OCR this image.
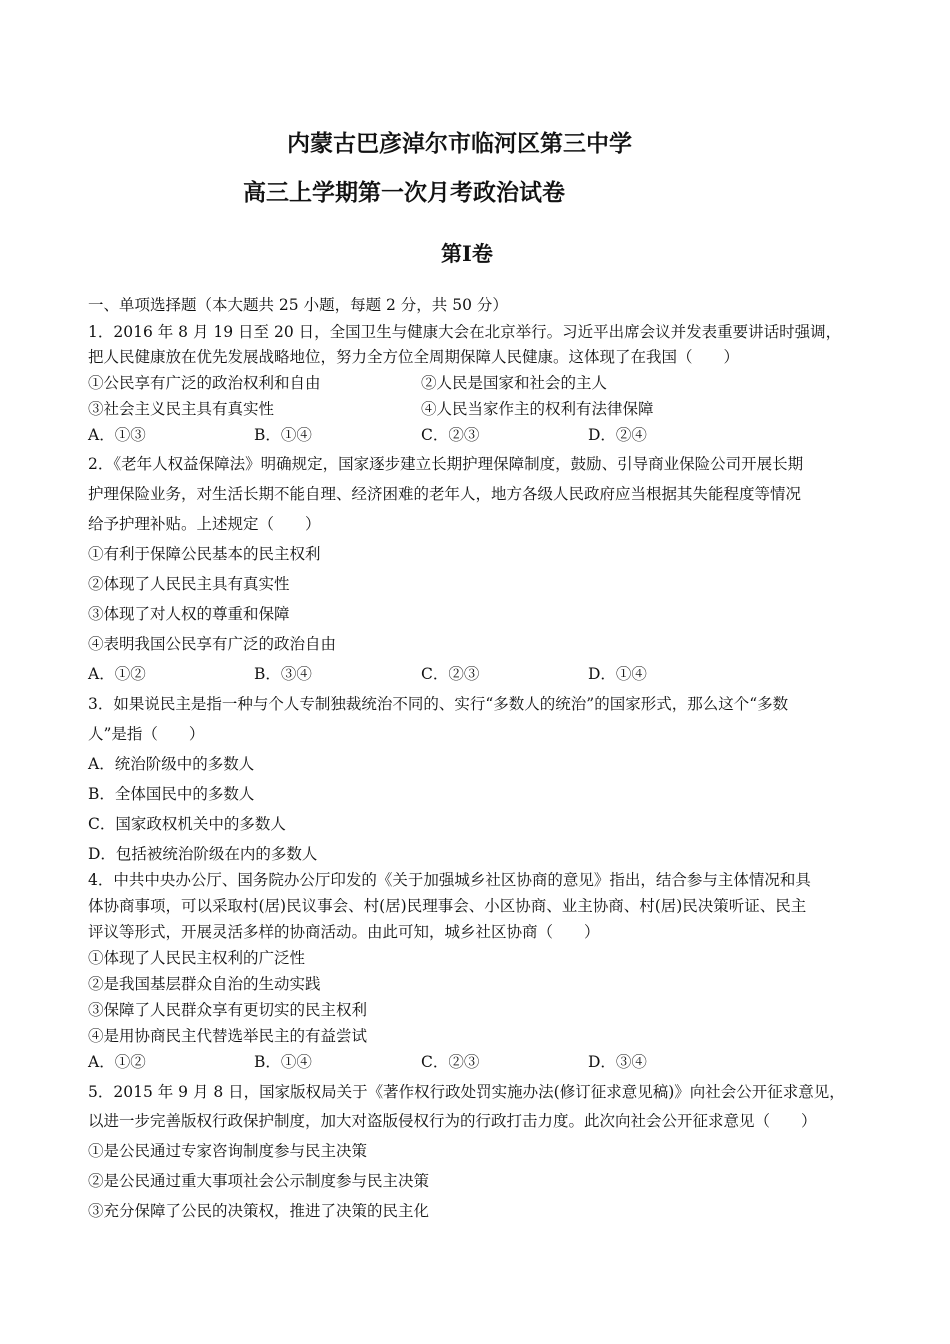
内蒙古巴彦淖尔市临河区第三中学
高三上学期第一次月考政治试卷
第Ⅰ卷
一、单项选择题（本大题共 25 小题，每题 2 分，共 50 分）
1．2016 年 8 月 19 日至 20 日，全国卫生与健康大会在北京举行。习近平出席会议并发表重要讲话时强调，
把人民健康放在优先发展战略地位，努力全方位全周期保障人民健康。这体现了在我国（　　）
①公民享有广泛的政治权利和自由	②人民是国家和社会的主人
③社会主义民主具有真实性	④人民当家作主的权利有法律保障
A．①③	B．①④	C．②③	D．②④
2．《老年人权益保障法》明确规定，国家逐步建立长期护理保障制度，鼓励、引导商业保险公司开展长期
护理保险业务，对生活长期不能自理、经济困难的老年人，地方各级人民政府应当根据其失能程度等情况
给予护理补贴。上述规定（　　）
①有利于保障公民基本的民主权利
②体现了人民民主具有真实性
③体现了对人权的尊重和保障
④表明我国公民享有广泛的政治自由
A．①②	B．③④	C．②③	D．①④
3．如果说民主是指一种与个人专制独裁统治不同的、实行“多数人的统治”的国家形式，那么这个“多数
人”是指（　　）
A．统治阶级中的多数人
B．全体国民中的多数人
C．国家政权机关中的多数人
D．包括被统治阶级在内的多数人
4．中共中央办公厅、国务院办公厅印发的《关于加强城乡社区协商的意见》指出，结合参与主体情况和具
体协商事项，可以采取村(居)民议事会、村(居)民理事会、小区协商、业主协商、村(居)民决策听证、民主
评议等形式，开展灵活多样的协商活动。由此可知，城乡社区协商（　　）
①体现了人民民主权利的广泛性
②是我国基层群众自治的生动实践
③保障了人民群众享有更切实的民主权利
④是用协商民主代替选举民主的有益尝试
A．①②	B．①④	C．②③	D．③④
5．2015 年 9 月 8 日，国家版权局关于《著作权行政处罚实施办法(修订征求意见稿)》向社会公开征求意见，
以进一步完善版权行政保护制度，加大对盗版侵权行为的行政打击力度。此次向社会公开征求意见（　　）
①是公民通过专家咨询制度参与民主决策
②是公民通过重大事项社会公示制度参与民主决策
③充分保障了公民的决策权，推进了决策的民主化
